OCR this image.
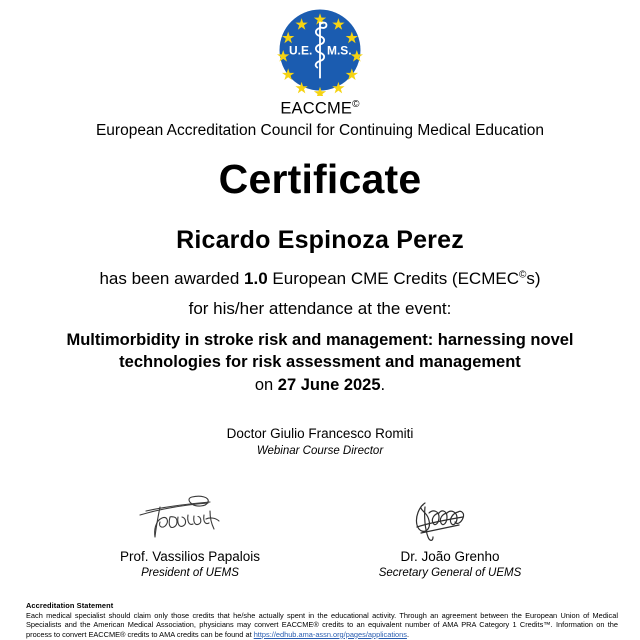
U.E. M.S.
EACCME©
European Accreditation Council for Continuing Medical Education
Certificate
Ricardo Espinoza Perez
has been awarded 1.0 European CME Credits (ECMEC©s)
for his/her attendance at the event:
Multimorbidity in stroke risk and management: harnessing novel technologies for risk assessment and management
on 27 June 2025.
Doctor Giulio Francesco Romiti
Webinar Course Director
Prof. Vassilios Papalois
President of UEMS
Dr. João Grenho
Secretary General of UEMS
Accreditation Statement
Each medical specialist should claim only those credits that he/she actually spent in the educational activity. Through an agreement between the European Union of Medical Specialists and the American Medical Association, physicians may convert EACCME® credits to an equivalent number of AMA PRA Category 1 Credits™. Information on the process to convert EACCME® credits to AMA credits can be found at https://edhub.ama-assn.org/pages/applications.
